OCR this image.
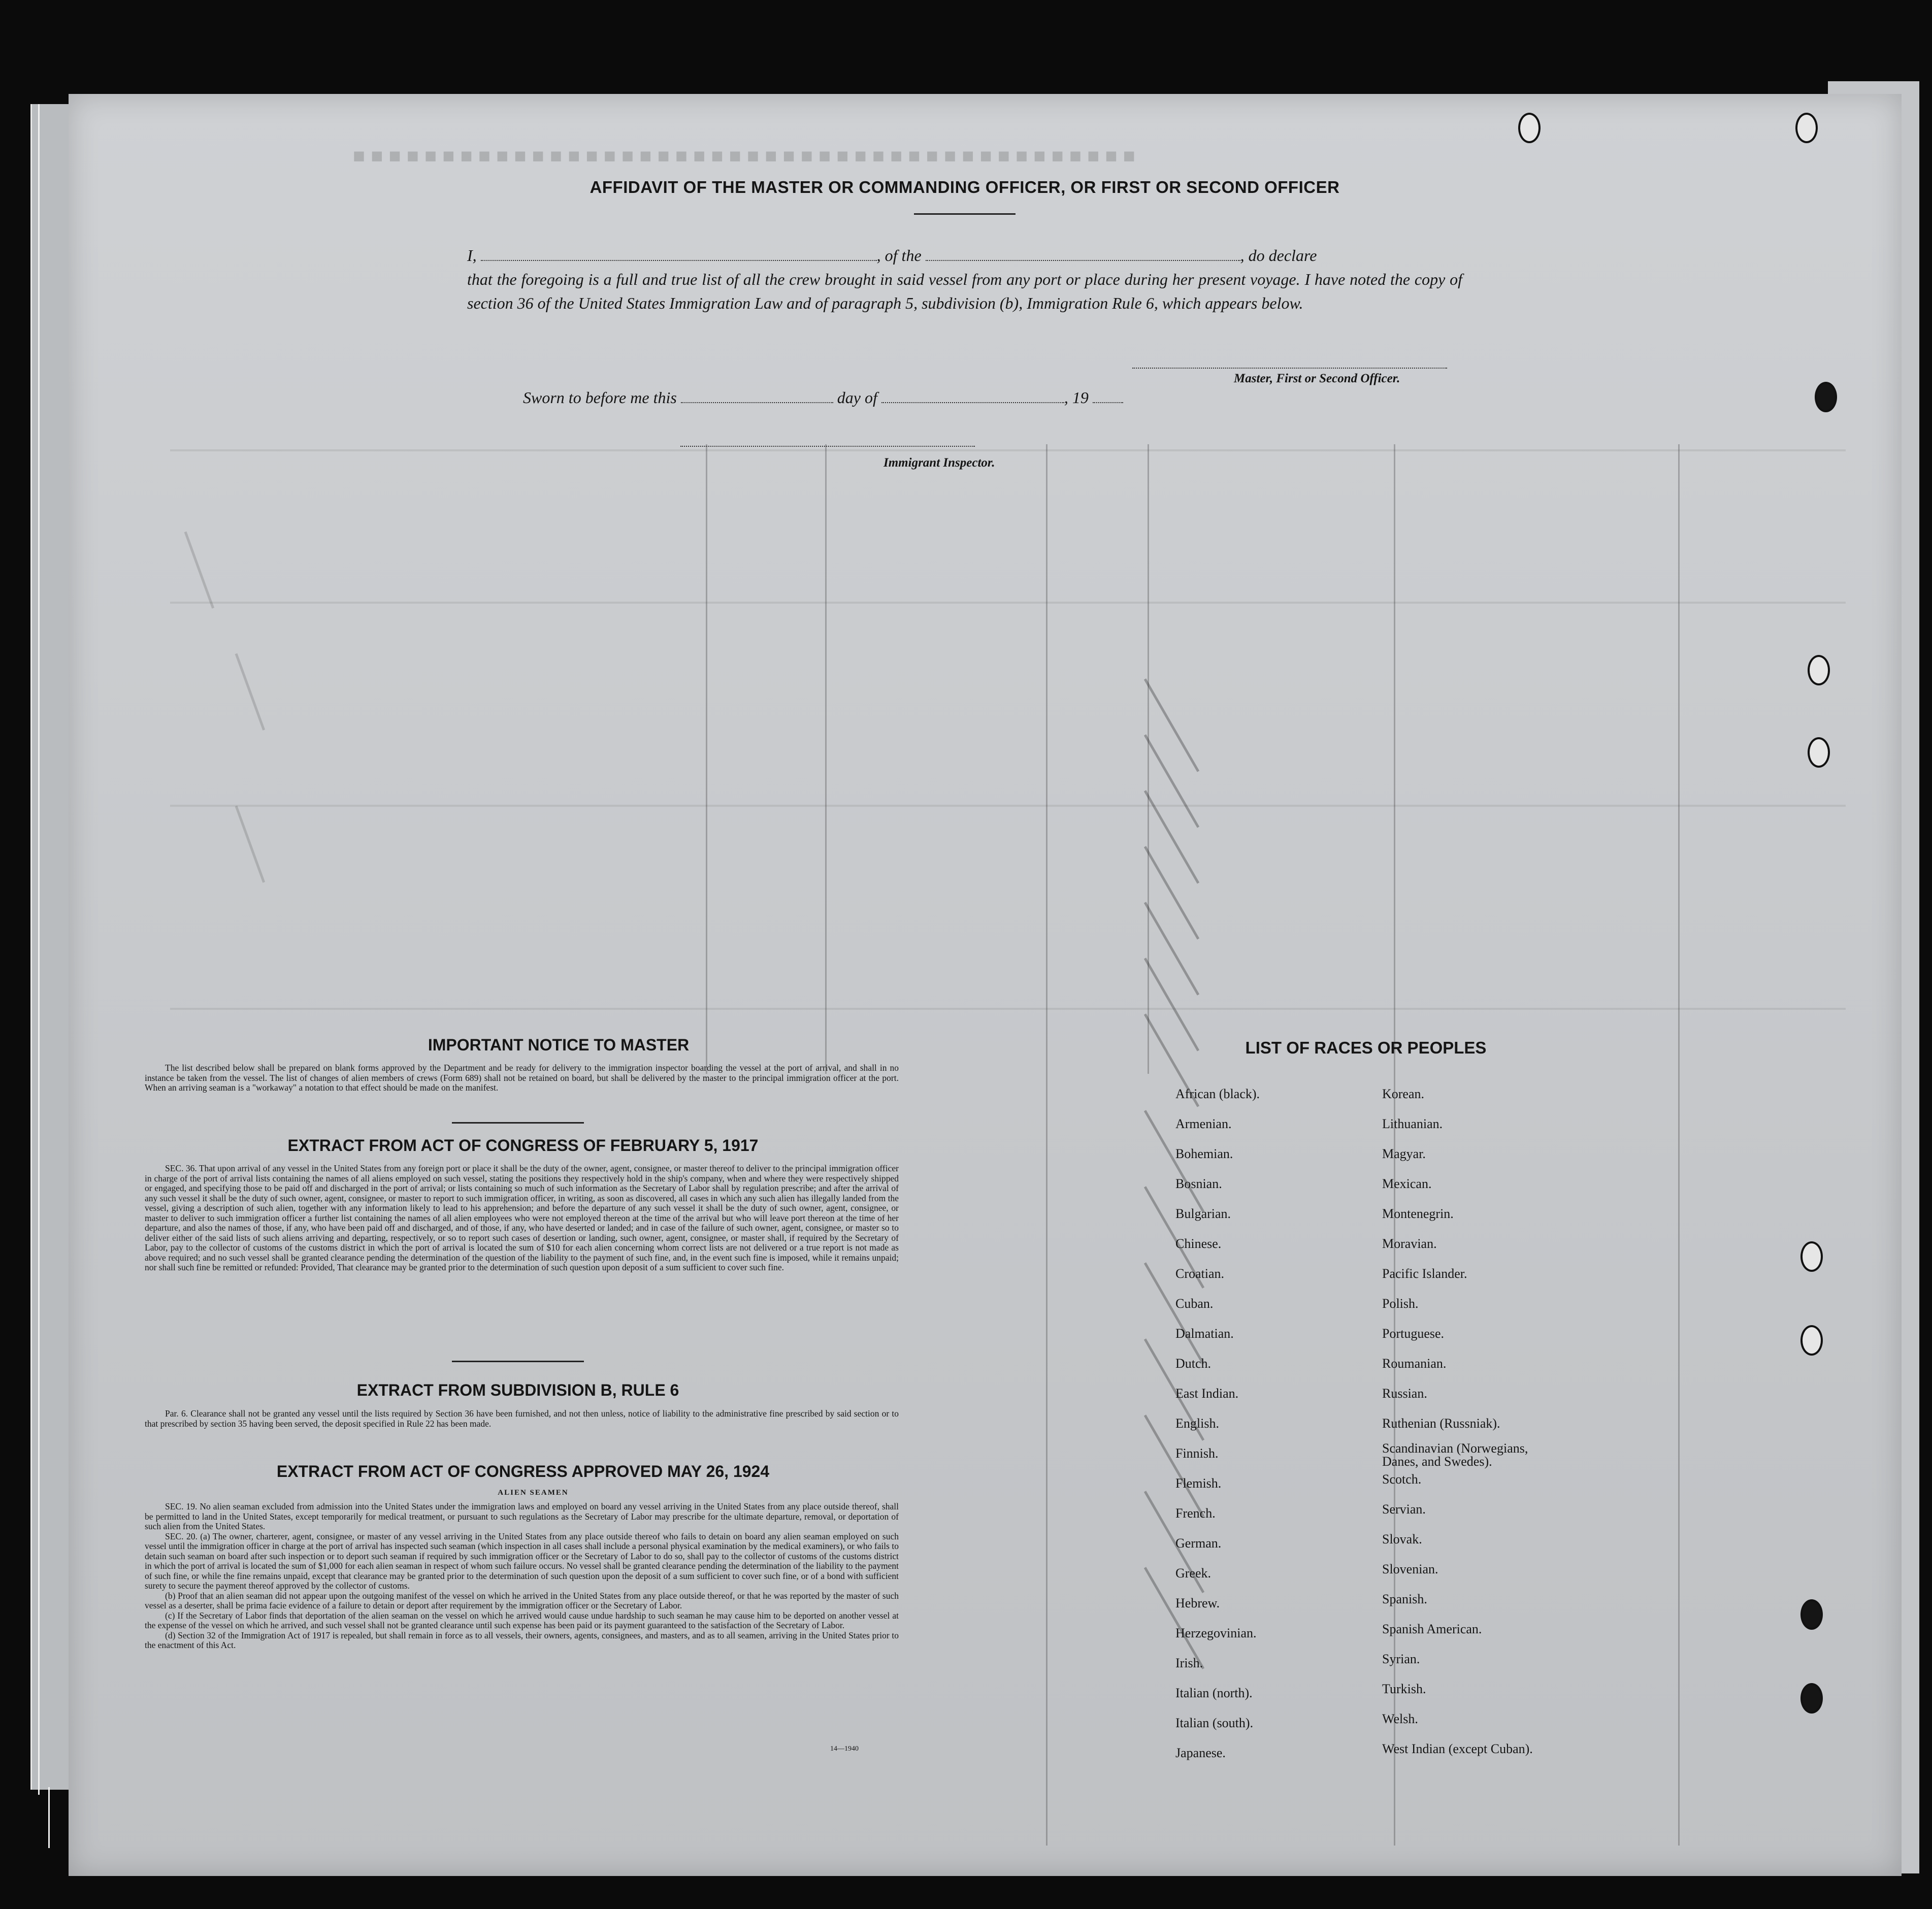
■ ■ ■ ■ ■ ■ ■ ■ ■ ■ ■ ■ ■ ■ ■ ■ ■ ■ ■ ■ ■ ■ ■ ■ ■ ■ ■ ■ ■ ■ ■ ■ ■ ■ ■ ■ ■ ■ ■ ■ ■ ■ ■ ■
AFFIDAVIT OF THE MASTER OR COMMANDING OFFICER, OR FIRST OR SECOND OFFICER
I,	, of the	, do declare
that the foregoing is a full and true list of all the crew brought in said vessel from any port or place during her present voyage. I have noted the copy of section 36 of the United States Immigration Law and of paragraph 5, subdivision (b), Immigration Rule 6, which appears below.
Master, First or Second Officer.
Sworn to before me this	day of	, 19
Immigrant Inspector.
IMPORTANT NOTICE TO MASTER

The list described below shall be prepared on blank forms approved by the Department and be ready for delivery to the immigration inspector boarding the vessel at the port of arrival, and shall in no instance be taken from the vessel. The list of changes of alien members of crews (Form 689) shall not be retained on board, but shall be delivered by the master to the principal immigration officer at the port. When an arriving seaman is a "workaway" a notation to that effect should be made on the manifest.

EXTRACT FROM ACT OF CONGRESS OF FEBRUARY 5, 1917

SEC. 36. That upon arrival of any vessel in the United States from any foreign port or place it shall be the duty of the owner, agent, consignee, or master thereof to deliver to the principal immigration officer in charge of the port of arrival lists containing the names of all aliens employed on such vessel, stating the positions they respectively hold in the ship's company, when and where they were respectively shipped or engaged, and specifying those to be paid off and discharged in the port of arrival; or lists containing so much of such information as the Secretary of Labor shall by regulation prescribe; and after the arrival of any such vessel it shall be the duty of such owner, agent, consignee, or master to report to such immigration officer, in writing, as soon as discovered, all cases in which any such alien has illegally landed from the vessel, giving a description of such alien, together with any information likely to lead to his apprehension; and before the departure of any such vessel it shall be the duty of such owner, agent, consignee, or master to deliver to such immigration officer a further list containing the names of all alien employees who were not employed thereon at the time of the arrival but who will leave port thereon at the time of her departure, and also the names of those, if any, who have been paid off and discharged, and of those, if any, who have deserted or landed; and in case of the failure of such owner, agent, consignee, or master so to deliver either of the said lists of such aliens arriving and departing, respectively, or so to report such cases of desertion or landing, such owner, agent, consignee, or master shall, if required by the Secretary of Labor, pay to the collector of customs of the customs district in which the port of arrival is located the sum of $10 for each alien concerning whom correct lists are not delivered or a true report is not made as above required; and no such vessel shall be granted clearance pending the determination of the question of the liability to the payment of such fine, and, in the event such fine is imposed, while it remains unpaid; nor shall such fine be remitted or refunded: Provided, That clearance may be granted prior to the determination of such question upon deposit of a sum sufficient to cover such fine.

EXTRACT FROM SUBDIVISION B, RULE 6

Par. 6. Clearance shall not be granted any vessel until the lists required by Section 36 have been furnished, and not then unless, notice of liability to the administrative fine prescribed by said section or to that prescribed by section 35 having been served, the deposit specified in Rule 22 has been made.

EXTRACT FROM ACT OF CONGRESS APPROVED MAY 26, 1924
ALIEN SEAMEN

SEC. 19. No alien seaman excluded from admission into the United States under the immigration laws and employed on board any vessel arriving in the United States from any place outside thereof, shall be permitted to land in the United States, except temporarily for medical treatment, or pursuant to such regulations as the Secretary of Labor may prescribe for the ultimate departure, removal, or deportation of such alien from the United States.

SEC. 20. (a) The owner, charterer, agent, consignee, or master of any vessel arriving in the United States from any place outside thereof who fails to detain on board any alien seaman employed on such vessel until the immigration officer in charge at the port of arrival has inspected such seaman (which inspection in all cases shall include a personal physical examination by the medical examiners), or who fails to detain such seaman on board after such inspection or to deport such seaman if required by such immigration officer or the Secretary of Labor to do so, shall pay to the collector of customs of the customs district in which the port of arrival is located the sum of $1,000 for each alien seaman in respect of whom such failure occurs. No vessel shall be granted clearance pending the determination of the liability to the payment of such fine, or while the fine remains unpaid, except that clearance may be granted prior to the determination of such question upon the deposit of a sum sufficient to cover such fine, or of a bond with sufficient surety to secure the payment thereof approved by the collector of customs.

(b) Proof that an alien seaman did not appear upon the outgoing manifest of the vessel on which he arrived in the United States from any place outside thereof, or that he was reported by the master of such vessel as a deserter, shall be prima facie evidence of a failure to detain or deport after requirement by the immigration officer or the Secretary of Labor.

(c) If the Secretary of Labor finds that deportation of the alien seaman on the vessel on which he arrived would cause undue hardship to such seaman he may cause him to be deported on another vessel at the expense of the vessel on which he arrived, and such vessel shall not be granted clearance until such expense has been paid or its payment guaranteed to the satisfaction of the Secretary of Labor.

(d) Section 32 of the Immigration Act of 1917 is repealed, but shall remain in force as to all vessels, their owners, agents, consignees, and masters, and as to all seamen, arriving in the United States prior to the enactment of this Act.

14—1940
LIST OF RACES OR PEOPLES
African (black).
Armenian.
Bohemian.
Bosnian.
Bulgarian.
Chinese.
Croatian.
Cuban.
Dalmatian.
Dutch.
East Indian.
English.
Finnish.
Flemish.
French.
German.
Greek.
Hebrew.
Herzegovinian.
Irish.
Italian (north).
Italian (south).
Japanese.
Korean.
Lithuanian.
Magyar.
Mexican.
Montenegrin.
Moravian.
Pacific Islander.
Polish.
Portuguese.
Roumanian.
Russian.
Ruthenian (Russniak).
Scandinavian (Norwegians,
Danes, and Swedes).
Scotch.
Servian.
Slovak.
Slovenian.
Spanish.
Spanish American.
Syrian.
Turkish.
Welsh.
West Indian (except Cuban).
